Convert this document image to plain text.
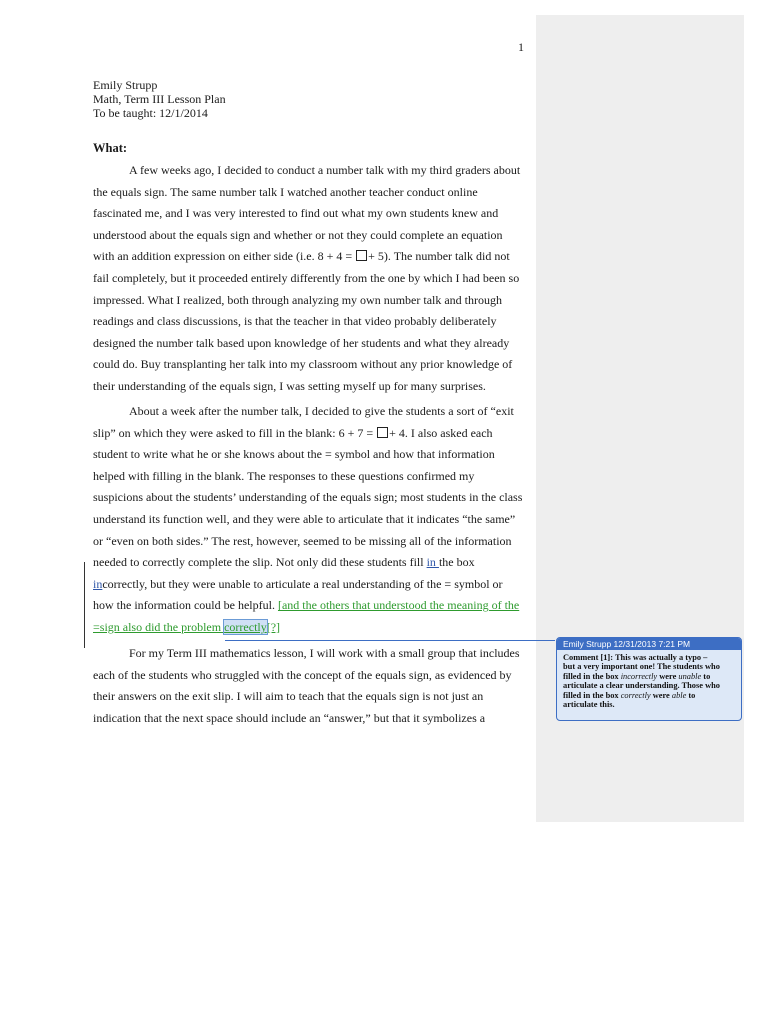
1
Emily Strupp
Math, Term III Lesson Plan
To be taught: 12/1/2014
What:
A few weeks ago, I decided to conduct a number talk with my third graders about
the equals sign. The same number talk I watched another teacher conduct online
fascinated me, and I was very interested to find out what my own students knew and
understood about the equals sign and whether or not they could complete an equation
with an addition expression on either side (i.e. 8 + 4 = + 5). The number talk did not
fail completely, but it proceeded entirely differently from the one by which I had been so
impressed. What I realized, both through analyzing my own number talk and through
readings and class discussions, is that the teacher in that video probably deliberately
designed the number talk based upon knowledge of her students and what they already
could do. Buy transplanting her talk into my classroom without any prior knowledge of
their understanding of the equals sign, I was setting myself up for many surprises.
About a week after the number talk, I decided to give the students a sort of “exit
slip” on which they were asked to fill in the blank: 6 + 7 = + 4. I also asked each
student to write what he or she knows about the = symbol and how that information
helped with filling in the blank. The responses to these questions confirmed my
suspicions about the students’ understanding of the equals sign; most students in the class
understand its function well, and they were able to articulate that it indicates “the same”
or “even on both sides.” The rest, however, seemed to be missing all of the information
needed to correctly complete the slip. Not only did these students fill in the box
incorrectly, but they were unable to articulate a real understanding of the = symbol or
how the information could be helpful. [and the others that understood the meaning of the
=sign also did the problem correctly[?]
For my Term III mathematics lesson, I will work with a small group that includes
each of the students who struggled with the concept of the equals sign, as evidenced by
their answers on the exit slip. I will aim to teach that the equals sign is not just an
indication that the next space should include an “answer,” but that it symbolizes a
Emily Strupp 12/31/2013 7:21 PM
Comment [1]: This was actually a typo –
but a very important one! The students who
filled in the box incorrectly were unable to
articulate a clear understanding. Those who
filled in the box correctly were able to
articulate this.
